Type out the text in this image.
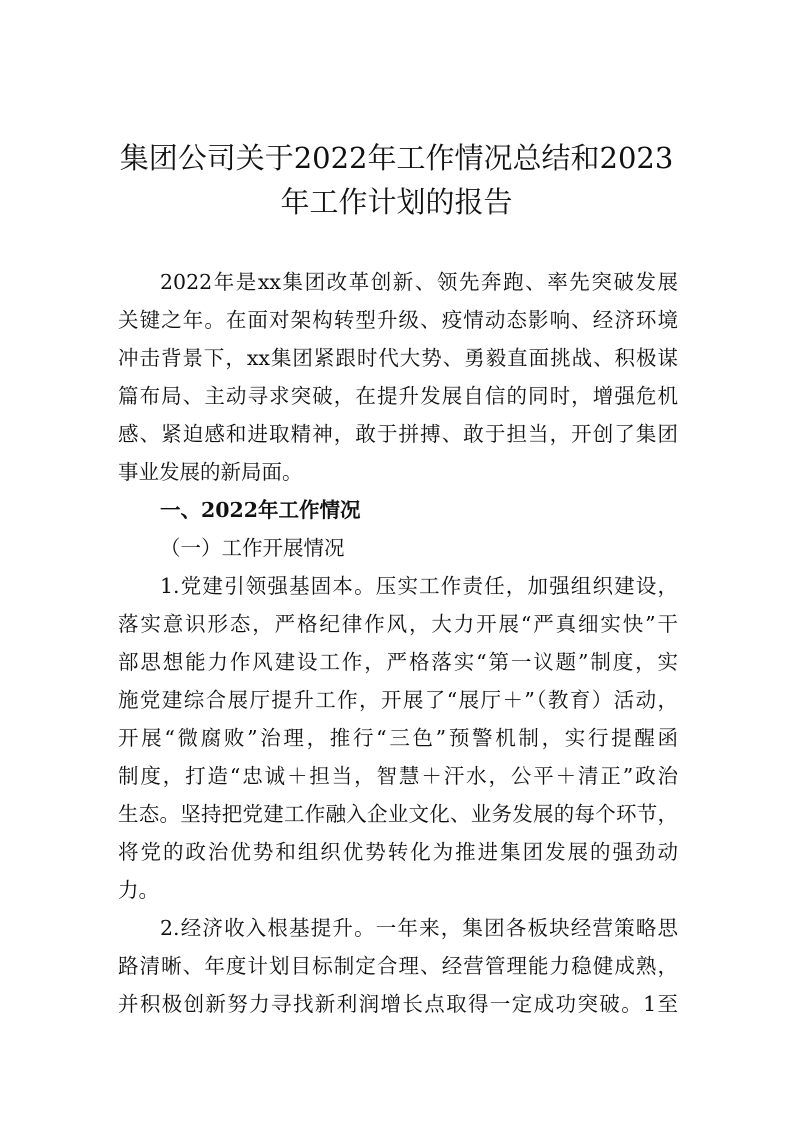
集团公司关于2022年工作情况总结和2023
年工作计划的报告
2022年是xx集团改革创新、领先奔跑、率先突破发展
关键之年。在面对架构转型升级、疫情动态影响、经济环境
冲击背景下，xx集团紧跟时代大势、勇毅直面挑战、积极谋
篇布局、主动寻求突破，在提升发展自信的同时，增强危机
感、紧迫感和进取精神，敢于拼搏、敢于担当，开创了集团
事业发展的新局面。
一、2022年工作情况
（一）工作开展情况
1.党建引领强基固本。压实工作责任，加强组织建设，
落实意识形态，严格纪律作风，大力开展“严真细实快”干
部思想能力作风建设工作，严格落实“第一议题”制度，实
施党建综合展厅提升工作，开展了“展厅＋”（教育）活动，
开展“微腐败”治理，推行“三色”预警机制，实行提醒函
制度，打造“忠诚＋担当，智慧＋汗水，公平＋清正”政治
生态。坚持把党建工作融入企业文化、业务发展的每个环节，
将党的政治优势和组织优势转化为推进集团发展的强劲动
力。
2.经济收入根基提升。一年来，集团各板块经营策略思
路清晰、年度计划目标制定合理、经营管理能力稳健成熟，
并积极创新努力寻找新利润增长点取得一定成功突破。1至
